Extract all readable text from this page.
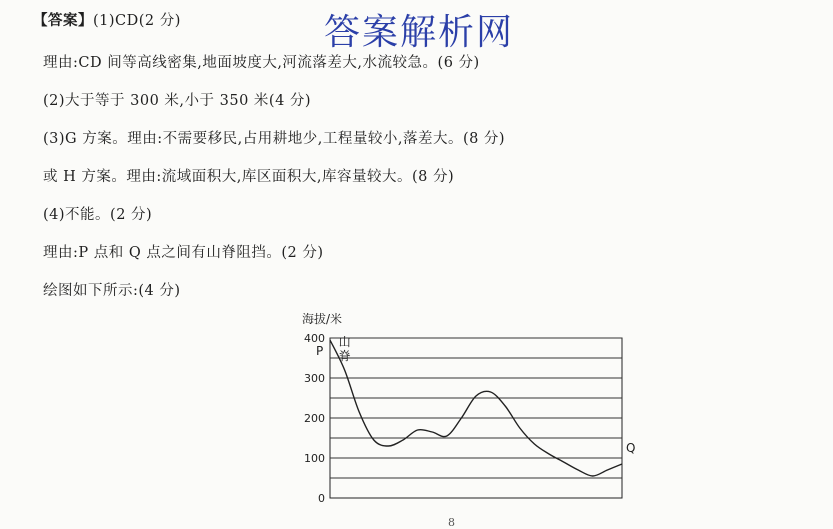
【答案】(1)CD(2 分)	答案解析网
理由:CD 间等高线密集,地面坡度大,河流落差大,水流较急。(6 分)
(2)大于等于 300 米,小于 350 米(4 分)
(3)G 方案。理由:不需要移民,占用耕地少,工程量较小,落差大。(8 分)
或 H 方案。理由:流域面积大,库区面积大,库容量较大。(8 分)
(4)不能。(2 分)
理由:P 点和 Q 点之间有山脊阻挡。(2 分)
绘图如下所示:(4 分)
海拔/米
0
100
200
300
400
P
Q
山
脊
8
